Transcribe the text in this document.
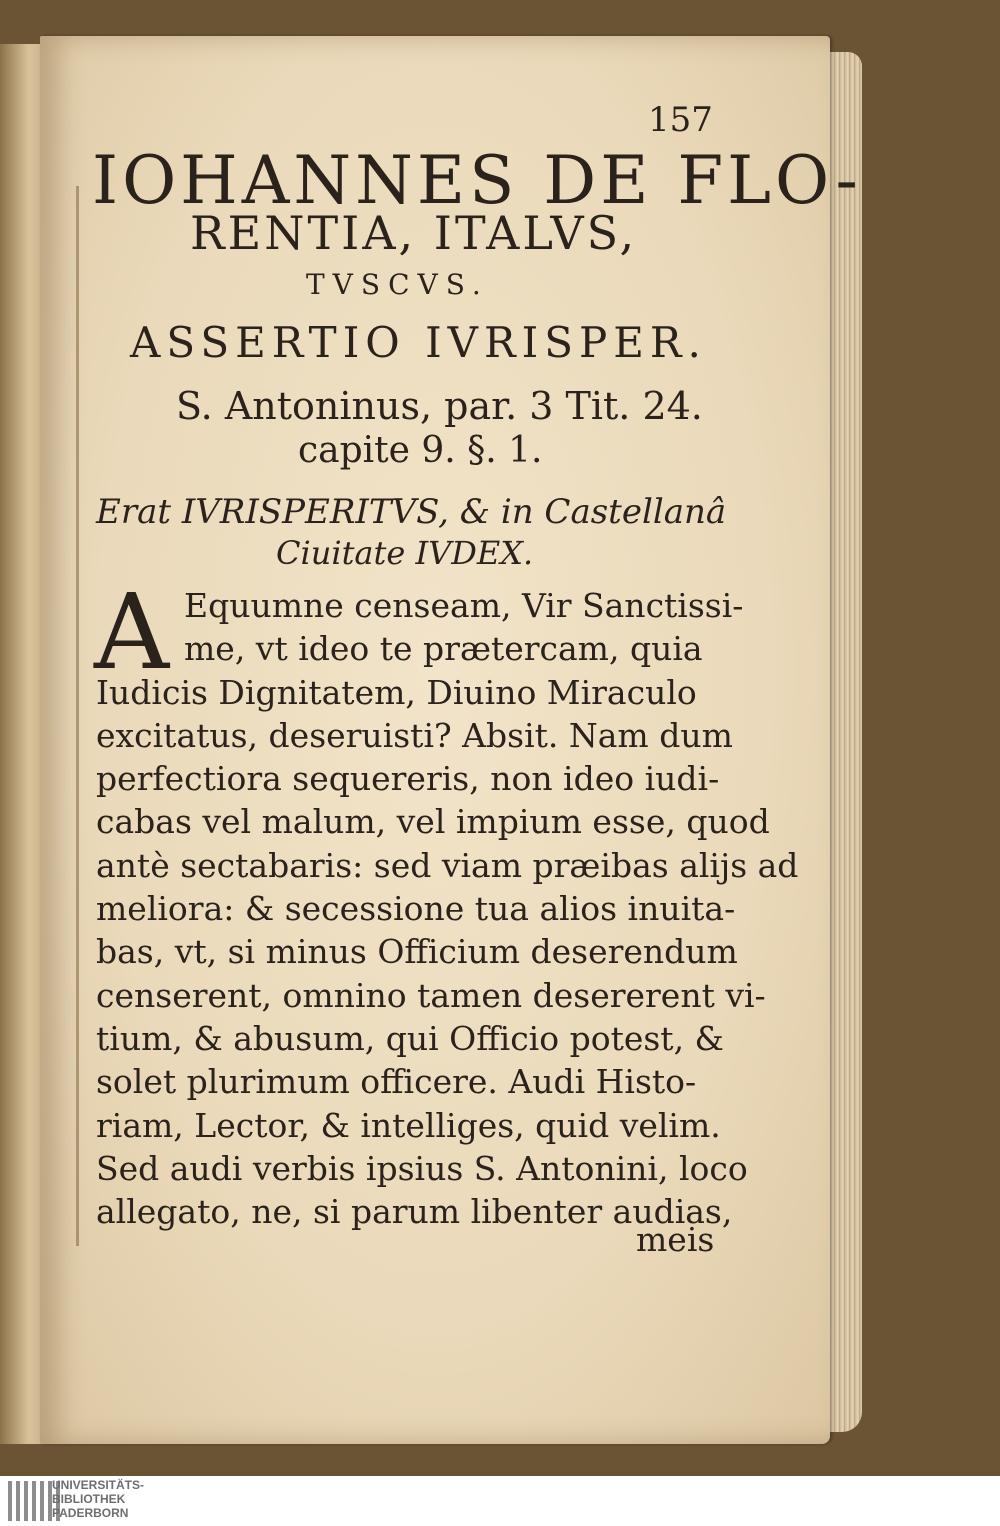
157
IOHANNES DE FLO-
RENTIA, ITALVS,
TVSCVS.
ASSERTIO IVRISPER.
S. Antoninus, par. 3 Tit. 24.
capite 9. §. 1.
Erat IVRISPERITVS, & in Castellanâ
Ciuitate IVDEX.
A Equumne censeam, Vir Sanctissi-
me, vt ideo te prætercam, quia
Iudicis Dignitatem, Diuino Miraculo
excitatus, deseruisti? Absit. Nam dum
perfectiora sequereris, non ideo iudi-
cabas vel malum, vel impium esse, quod
antè sectabaris: sed viam præibas alijs ad
meliora: & secessione tua alios inuita-
bas, vt, si minus Officium deserendum
censerent, omnino tamen desererent vi-
tium, & abusum, qui Officio potest, &
solet plurimum officere. Audi Histo-
riam, Lector, & intelliges, quid velim.
Sed audi verbis ipsius S. Antonini, loco
allegato, ne, si parum libenter audias,
meis
UNIVERSITÄTS-
BIBLIOTHEK
PADERBORN
